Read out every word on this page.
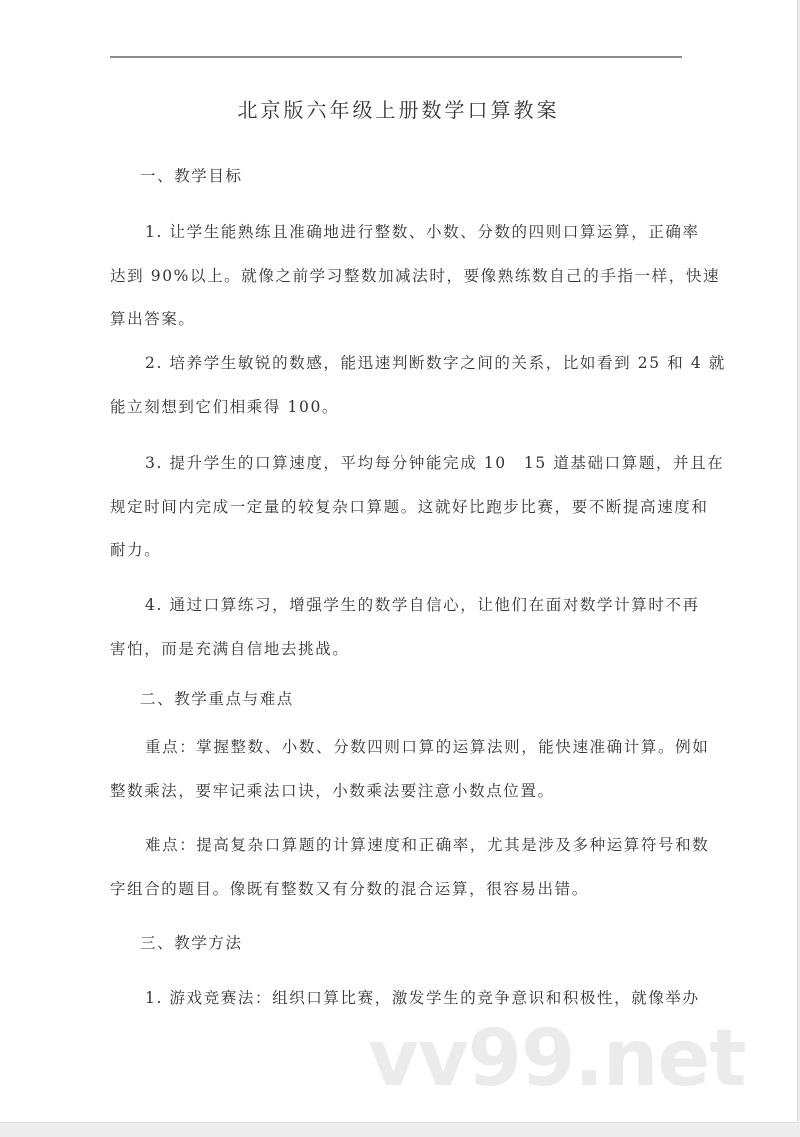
北京版六年级上册数学口算教案
一、教学目标
1. 让学生能熟练且准确地进行整数、小数、分数的四则口算运算，正确率
达到 90%以上。就像之前学习整数加减法时，要像熟练数自己的手指一样，快速
算出答案。
2. 培养学生敏锐的数感，能迅速判断数字之间的关系，比如看到 25 和 4 就
能立刻想到它们相乘得 100。
3. 提升学生的口算速度，平均每分钟能完成 10　15 道基础口算题，并且在
规定时间内完成一定量的较复杂口算题。这就好比跑步比赛，要不断提高速度和
耐力。
4. 通过口算练习，增强学生的数学自信心，让他们在面对数学计算时不再
害怕，而是充满自信地去挑战。
二、教学重点与难点
重点：掌握整数、小数、分数四则口算的运算法则，能快速准确计算。例如
整数乘法，要牢记乘法口诀，小数乘法要注意小数点位置。
难点：提高复杂口算题的计算速度和正确率，尤其是涉及多种运算符号和数
字组合的题目。像既有整数又有分数的混合运算，很容易出错。
三、教学方法
1. 游戏竞赛法：组织口算比赛，激发学生的竞争意识和积极性，就像举办
vv99.net
